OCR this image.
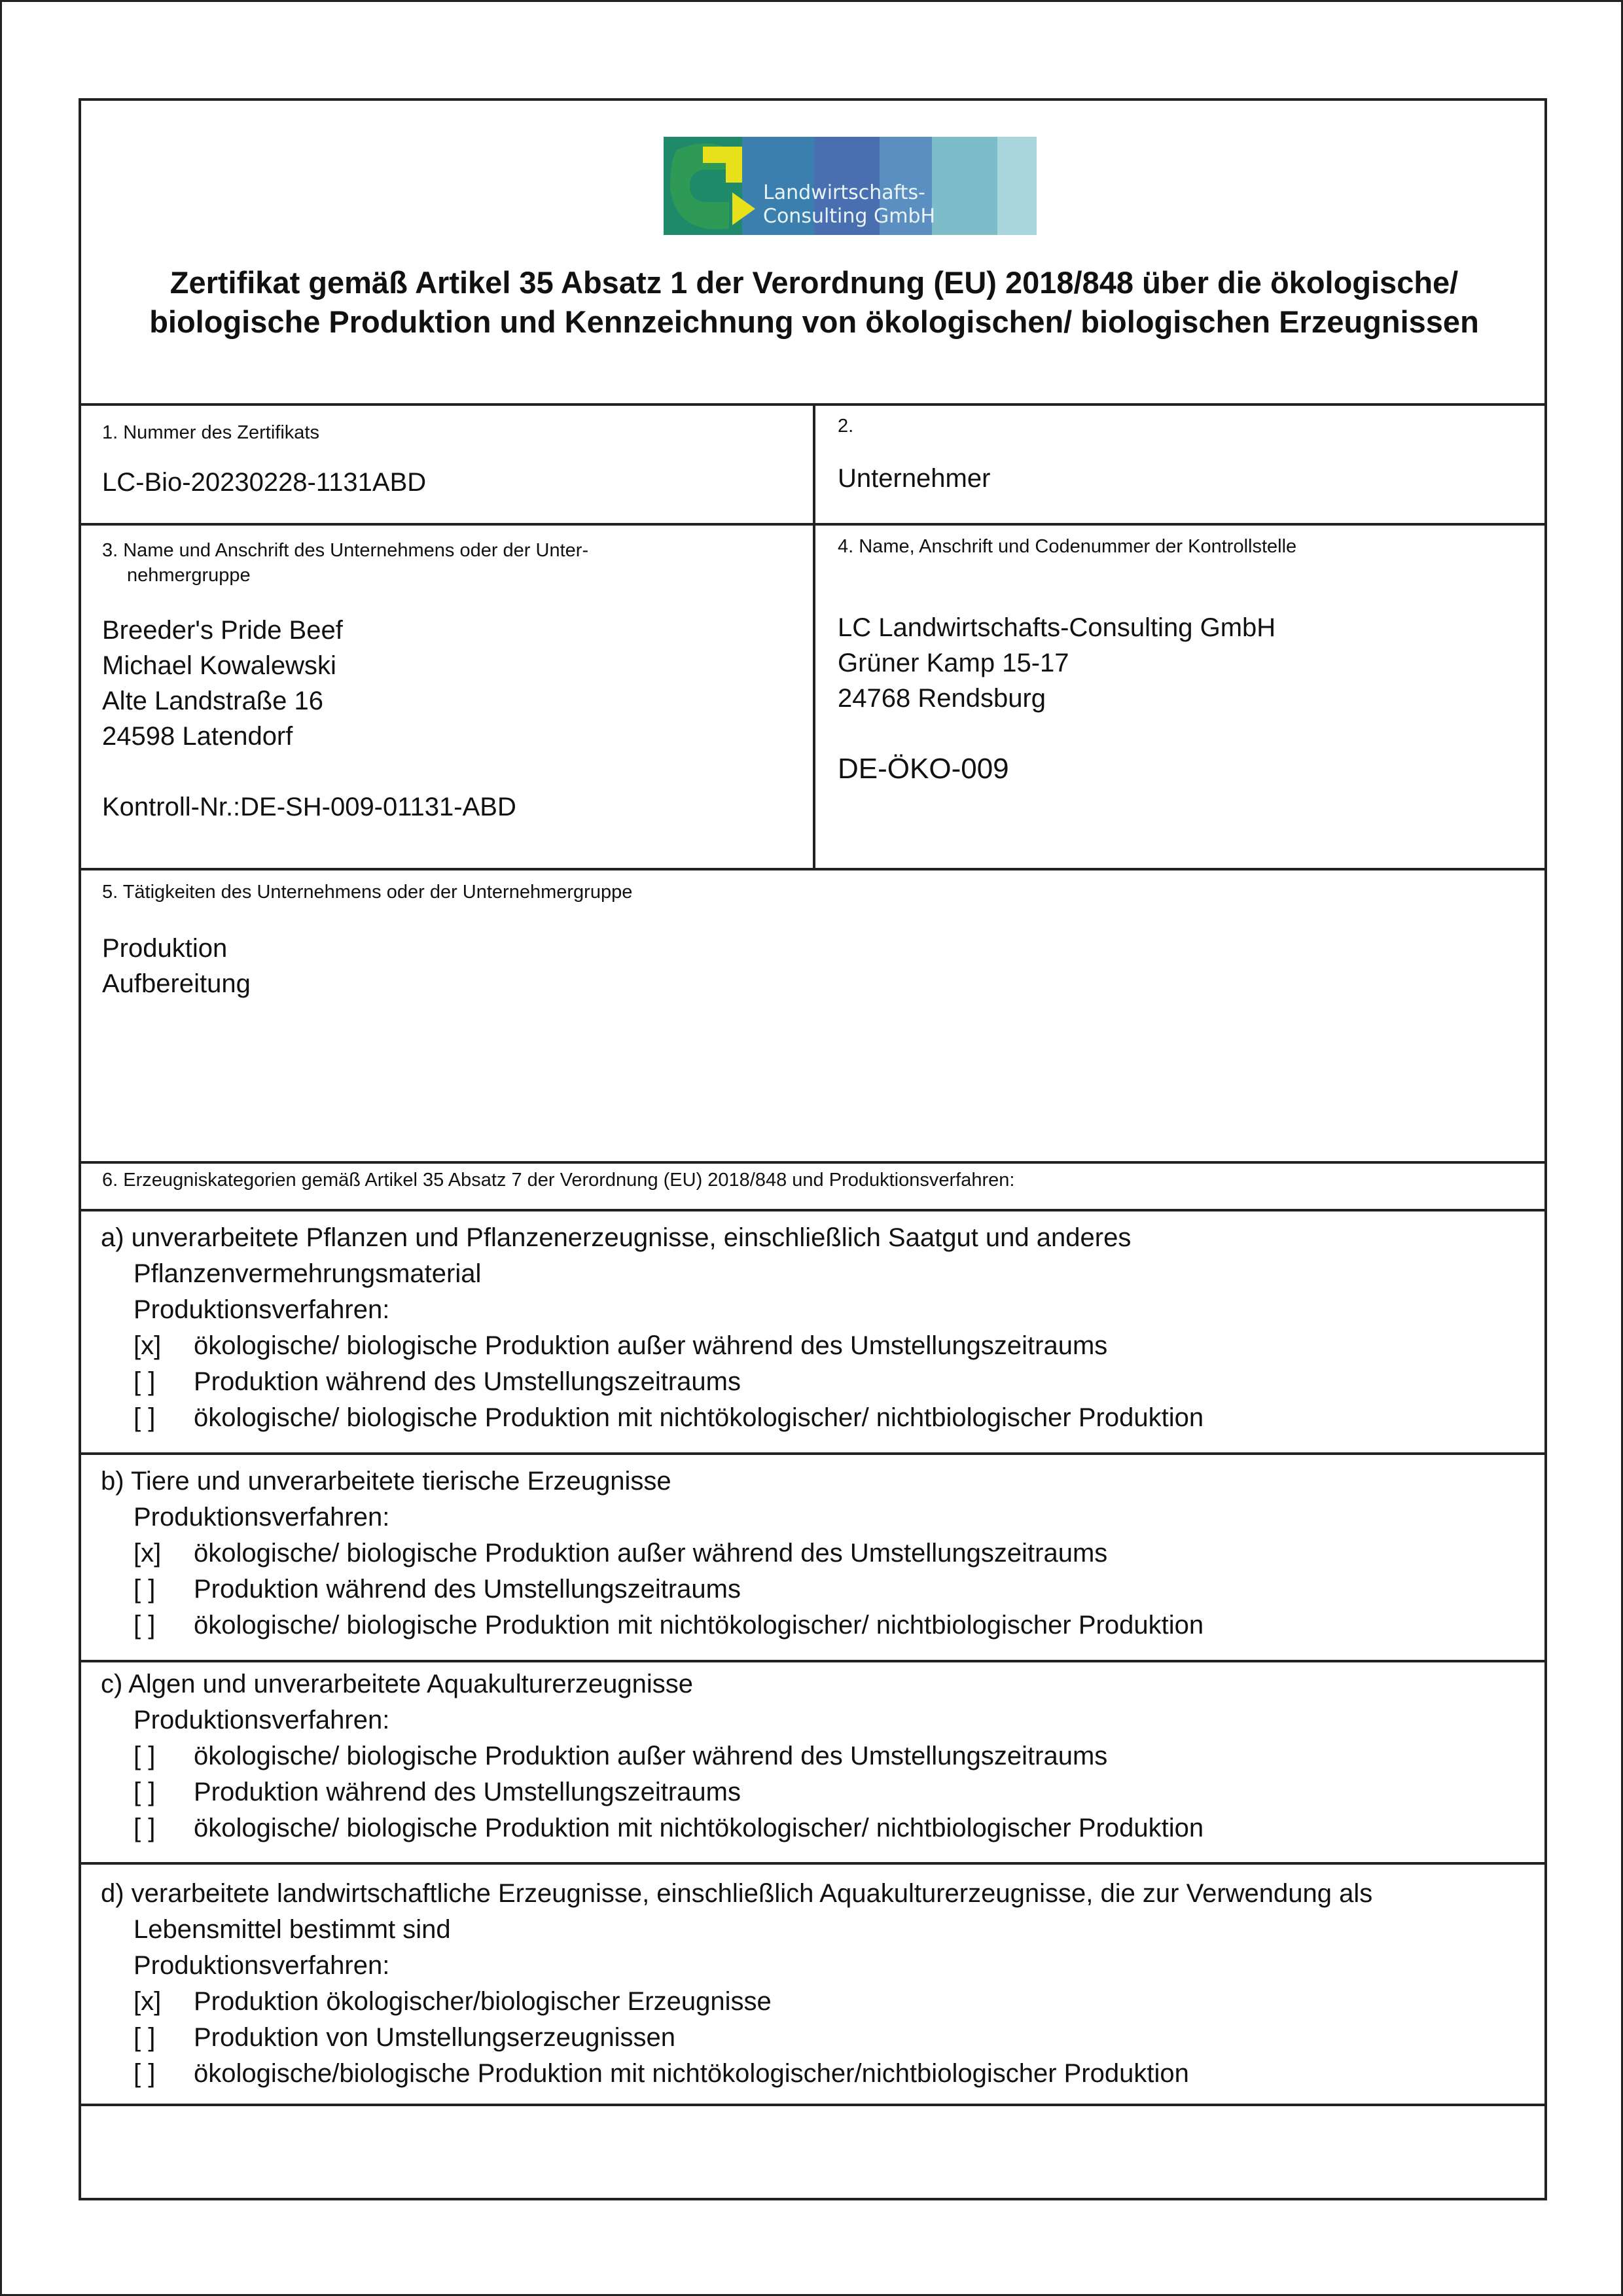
Landwirtschafts-
Consulting GmbH
Zertifikat gemäß Artikel 35 Absatz 1 der Verordnung (EU) 2018/848 über die ökologische/ biologische Produktion und Kennzeichnung von ökologischen/ biologischen Erzeugnissen
1. Nummer des Zertifikats
LC-Bio-20230228-1131ABD
2.
Unternehmer
3. Name und Anschrift des Unternehmens oder der Unter-
nehmergruppe
Breeder's Pride Beef
Michael Kowalewski
Alte Landstraße 16
24598 Latendorf
Kontroll-Nr.:DE-SH-009-01131-ABD
4. Name, Anschrift und Codenummer der Kontrollstelle
LC Landwirtschafts-Consulting GmbH
Grüner Kamp 15-17
24768 Rendsburg
DE-ÖKO-009
5. Tätigkeiten des Unternehmens oder der Unternehmergruppe
Produktion
Aufbereitung
6. Erzeugniskategorien gemäß Artikel 35 Absatz 7 der Verordnung (EU) 2018/848 und Produktionsverfahren:
a) unverarbeitete Pflanzen und Pflanzenerzeugnisse, einschließlich Saatgut und anderes
Pflanzenvermehrungsmaterial
Produktionsverfahren:
[x]	ökologische/ biologische Produktion außer während des Umstellungszeitraums
[ ]	Produktion während des Umstellungszeitraums
[ ]	ökologische/ biologische Produktion mit nichtökologischer/ nichtbiologischer Produktion
b) Tiere und unverarbeitete tierische Erzeugnisse
Produktionsverfahren:
[x]	ökologische/ biologische Produktion außer während des Umstellungszeitraums
[ ]	Produktion während des Umstellungszeitraums
[ ]	ökologische/ biologische Produktion mit nichtökologischer/ nichtbiologischer Produktion
c) Algen und unverarbeitete Aquakulturerzeugnisse
Produktionsverfahren:
[ ]	ökologische/ biologische Produktion außer während des Umstellungszeitraums
[ ]	Produktion während des Umstellungszeitraums
[ ]	ökologische/ biologische Produktion mit nichtökologischer/ nichtbiologischer Produktion
d) verarbeitete landwirtschaftliche Erzeugnisse, einschließlich Aquakulturerzeugnisse, die zur Verwendung als
Lebensmittel bestimmt sind
Produktionsverfahren:
[x]	Produktion ökologischer/biologischer Erzeugnisse
[ ]	Produktion von Umstellungserzeugnissen
[ ]	ökologische/biologische Produktion mit nichtökologischer/nichtbiologischer Produktion
